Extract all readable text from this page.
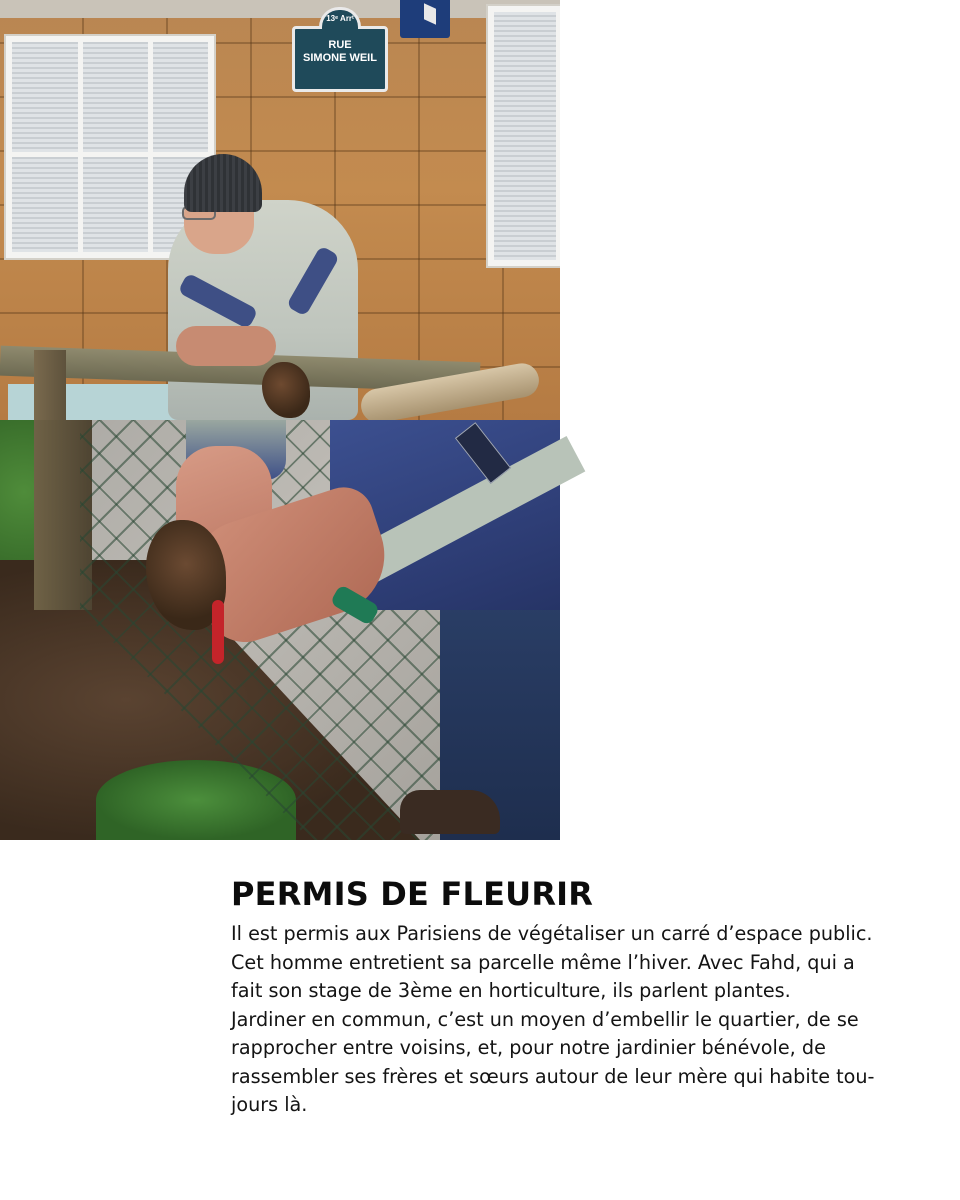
13ᵉ Arrᵗ
RUE
SIMONE WEIL
PERMIS DE FLEURIR

Il est permis aux Parisiens de végétaliser un carré d’espace public.
Cet homme entretient sa parcelle même l’hiver. Avec Fahd, qui a
fait son stage de 3ème en horticulture, ils parlent plantes.
Jardiner en commun, c’est un moyen d’embellir le quartier, de se
rapprocher entre voisins, et, pour notre jardinier bénévole, de
rassembler ses frères et sœurs autour de leur mère qui habite tou-
jours là.
